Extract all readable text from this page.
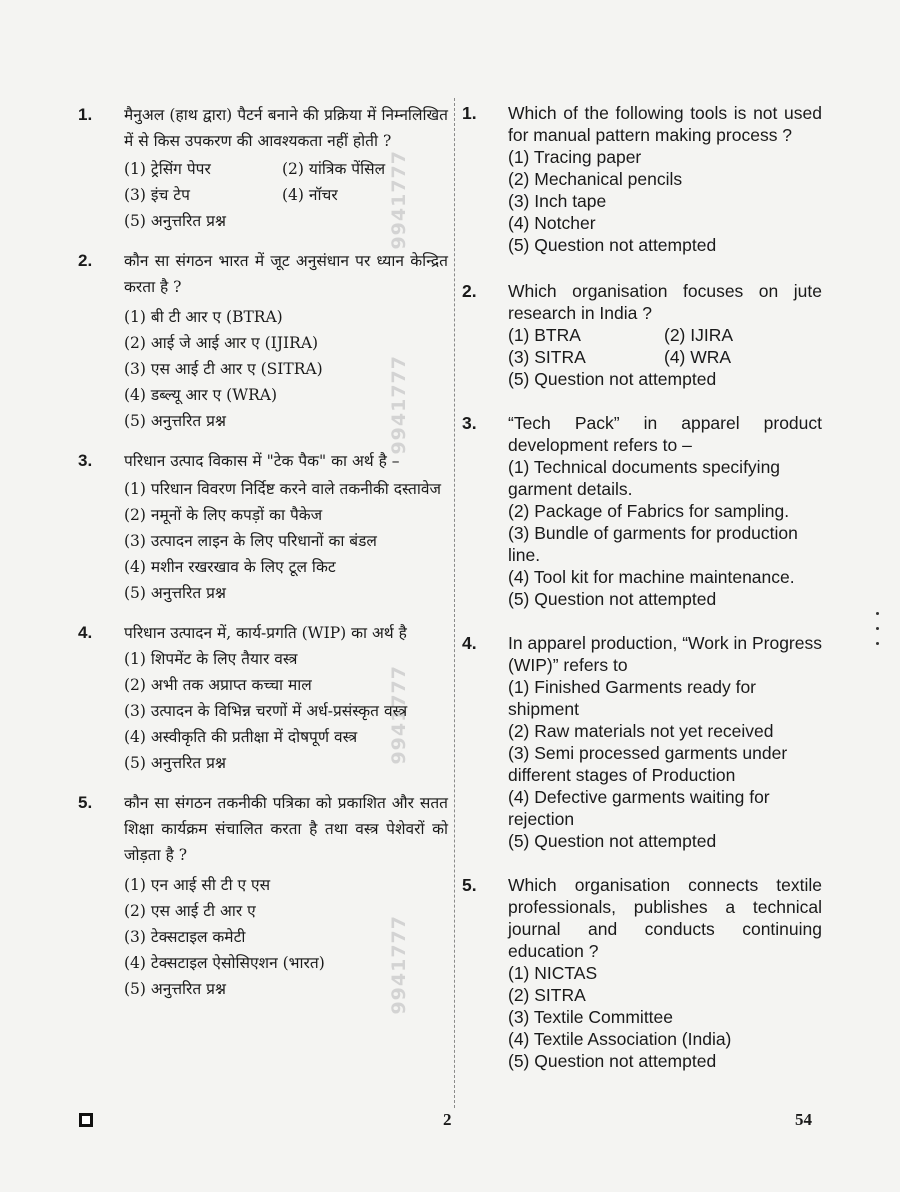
9941777
9941777
9941777
9941777
1. मैनुअल (हाथ द्वारा) पैटर्न बनाने की प्रक्रिया में निम्नलिखित में से किस उपकरण की आवश्यकता नहीं होती ?
(1) ट्रेसिंग पेपर	(2) यांत्रिक पेंसिल
(3) इंच टेप	(4) नॉचर
(5) अनुत्तरित प्रश्न
2. कौन सा संगठन भारत में जूट अनुसंधान पर ध्यान केन्द्रित करता है ?
(1) बी टी आर ए (BTRA)
(2) आई जे आई आर ए (IJIRA)
(3) एस आई टी आर ए (SITRA)
(4) डब्ल्यू आर ए (WRA)
(5) अनुत्तरित प्रश्न
3. परिधान उत्पाद विकास में "टेक पैक" का अर्थ है –
(1) परिधान विवरण निर्दिष्ट करने वाले तकनीकी दस्तावेज
(2) नमूनों के लिए कपड़ों का पैकेज
(3) उत्पादन लाइन के लिए परिधानों का बंडल
(4) मशीन रखरखाव के लिए टूल किट
(5) अनुत्तरित प्रश्न
4. परिधान उत्पादन में, कार्य-प्रगति (WIP) का अर्थ है
(1) शिपमेंट के लिए तैयार वस्त्र
(2) अभी तक अप्राप्त कच्चा माल
(3) उत्पादन के विभिन्न चरणों में अर्ध-प्रसंस्कृत वस्त्र
(4) अस्वीकृति की प्रतीक्षा में दोषपूर्ण वस्त्र
(5) अनुत्तरित प्रश्न
5. कौन सा संगठन तकनीकी पत्रिका को प्रकाशित और सतत शिक्षा कार्यक्रम संचालित करता है तथा वस्त्र पेशेवरों को जोड़ता है ?
(1) एन आई सी टी ए एस
(2) एस आई टी आर ए
(3) टेक्सटाइल कमेटी
(4) टेक्सटाइल ऐसोसिएशन (भारत)
(5) अनुत्तरित प्रश्न
1. Which of the following tools is not used for manual pattern making process ?
(1) Tracing paper
(2) Mechanical pencils
(3) Inch tape
(4) Notcher
(5) Question not attempted
2. Which organisation focuses on jute research in India ?
(1) BTRA	(2) IJIRA
(3) SITRA	(4) WRA
(5) Question not attempted
3. “Tech Pack” in apparel product development refers to –
(1) Technical documents specifying garment details.
(2) Package of Fabrics for sampling.
(3) Bundle of garments for production line.
(4) Tool kit for machine maintenance.
(5) Question not attempted
4. In apparel production, “Work in Progress (WIP)” refers to
(1) Finished Garments ready for shipment
(2) Raw materials not yet received
(3) Semi processed garments under different stages of Production
(4) Defective garments waiting for rejection
(5) Question not attempted
5. Which organisation connects textile professionals, publishes a technical journal and conducts continuing education ?
(1) NICTAS
(2) SITRA
(3) Textile Committee
(4) Textile Association (India)
(5) Question not attempted
2	54
